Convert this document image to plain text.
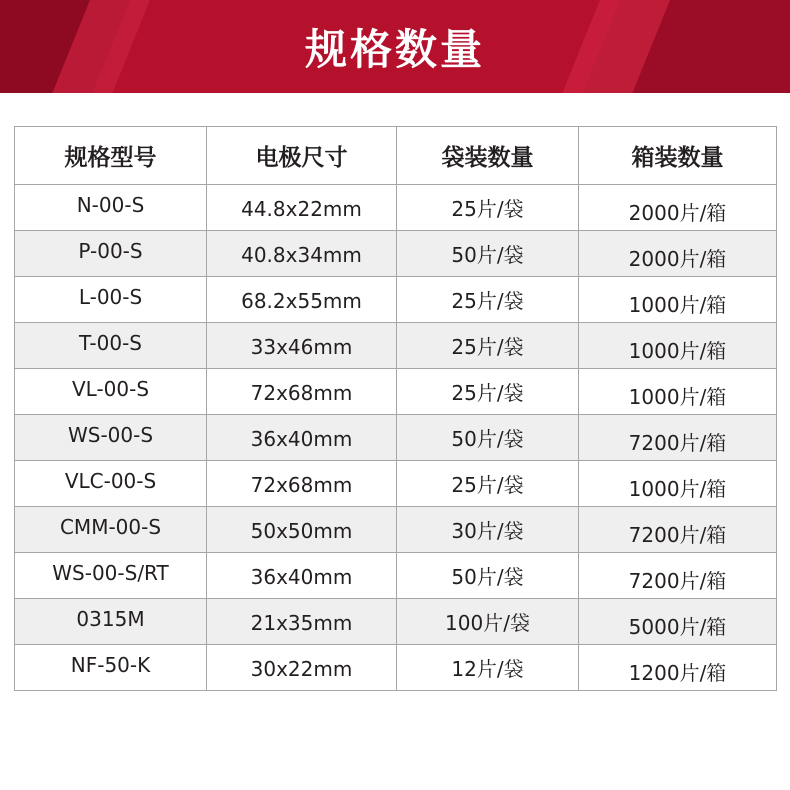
规格数量
规格型号	电极尺寸	袋装数量	箱装数量
N-00-S	44.8x22mm	25片/袋	2000片/箱
P-00-S	40.8x34mm	50片/袋	2000片/箱
L-00-S	68.2x55mm	25片/袋	1000片/箱
T-00-S	33x46mm	25片/袋	1000片/箱
VL-00-S	72x68mm	25片/袋	1000片/箱
WS-00-S	36x40mm	50片/袋	7200片/箱
VLC-00-S	72x68mm	25片/袋	1000片/箱
CMM-00-S	50x50mm	30片/袋	7200片/箱
WS-00-S/RT	36x40mm	50片/袋	7200片/箱
0315M	21x35mm	100片/袋	5000片/箱
NF-50-K	30x22mm	12片/袋	1200片/箱
